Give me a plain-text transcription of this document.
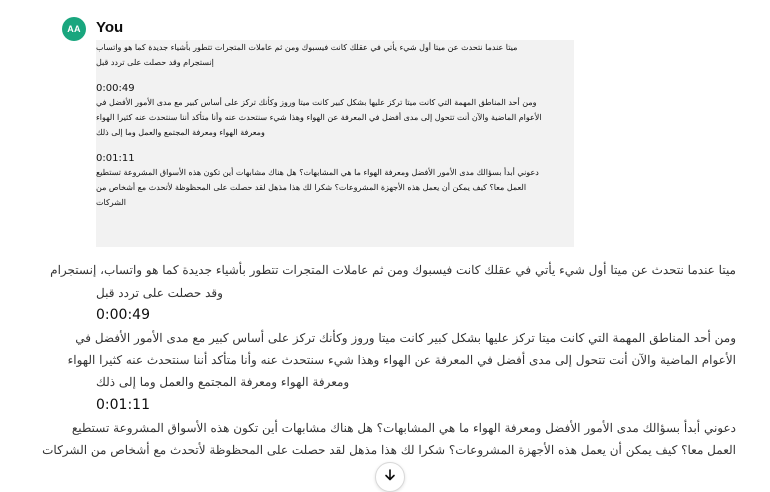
AA You
ميتا عندما نتحدث عن ميتا أول شيء يأتي في عقلك كانت فيسبوك ومن ثم عاملات المتجرات تتطور بأشياء جديدة كما هو واتساب
إنستجرام وقد حصلت على تردد قبل
0:00:49
ومن أحد المناطق المهمة التي كانت ميتا تركز عليها بشكل كبير كانت ميتا وروز وكأنك تركز على أساس كبير مع مدى الأمور الأفضل في
الأعوام الماضية والآن أنت تتحول إلى مدى أفضل في المعرفة عن الهواء وهذا شيء سنتحدث عنه وأنا متأكد أننا سنتحدث عنه كثيرا الهواء
ومعرفة الهواء ومعرفة المجتمع والعمل وما إلى ذلك
0:01:11
دعوني أبدأ بسؤالك مدى الأمور الأفضل ومعرفة الهواء ما هي المشابهات؟ هل هناك مشابهات أين تكون هذه الأسواق المشروعة تستطيع
العمل معا؟ كيف يمكن أن يعمل هذه الأجهزة المشروعات؟ شكرا لك هذا مذهل لقد حصلت على المحظوظة لأتحدث مع أشخاص من
الشركات
ميتا عندما نتحدث عن ميتا أول شيء يأتي في عقلك كانت فيسبوك ومن ثم عاملات المتجرات تتطور بأشياء جديدة كما هو واتساب، إنستجرام
وقد حصلت على تردد قبل
0:00:49
ومن أحد المناطق المهمة التي كانت ميتا تركز عليها بشكل كبير كانت ميتا وروز وكأنك تركز على أساس كبير مع مدى الأمور الأفضل في
الأعوام الماضية والآن أنت تتحول إلى مدى أفضل في المعرفة عن الهواء وهذا شيء سنتحدث عنه وأنا متأكد أننا سنتحدث عنه كثيرا الهواء
ومعرفة الهواء ومعرفة المجتمع والعمل وما إلى ذلك
0:01:11
دعوني أبدأ بسؤالك مدى الأمور الأفضل ومعرفة الهواء ما هي المشابهات؟ هل هناك مشابهات أين تكون هذه الأسواق المشروعة تستطيع
العمل معا؟ كيف يمكن أن يعمل هذه الأجهزة المشروعات؟ شكرا لك هذا مذهل لقد حصلت على المحظوظة لأتحدث مع أشخاص من الشركات
